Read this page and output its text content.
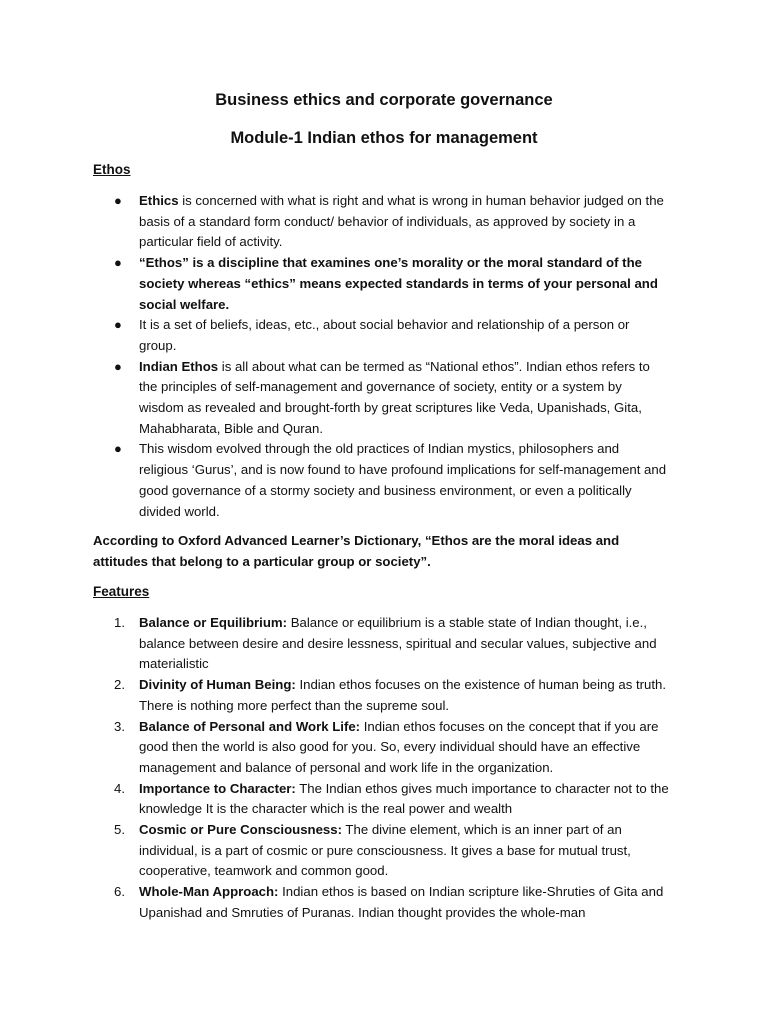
Business ethics and corporate governance
Module-1 Indian ethos for management
Ethos
● Ethics is concerned with what is right and what is wrong in human behavior judged on the basis of a standard form conduct/ behavior of individuals, as approved by society in a particular field of activity.
● “Ethos” is a discipline that examines one’s morality or the moral standard of the society whereas “ethics” means expected standards in terms of your personal and social welfare.
● It is a set of beliefs, ideas, etc., about social behavior and relationship of a person or group.
● Indian Ethos is all about what can be termed as “National ethos”. Indian ethos refers to the principles of self-management and governance of society, entity or a system by wisdom as revealed and brought-forth by great scriptures like Veda, Upanishads, Gita, Mahabharata, Bible and Quran.
● This wisdom evolved through the old practices of Indian mystics, philosophers and religious ‘Gurus’, and is now found to have profound implications for self-management and good governance of a stormy society and business environment, or even a politically divided world.

According to Oxford Advanced Learner’s Dictionary, “Ethos are the moral ideas and attitudes that belong to a particular group or society”.

Features
1. Balance or Equilibrium: Balance or equilibrium is a stable state of Indian thought, i.e., balance between desire and desire lessness, spiritual and secular values, subjective and materialistic
2. Divinity of Human Being: Indian ethos focuses on the existence of human being as truth. There is nothing more perfect than the supreme soul.
3. Balance of Personal and Work Life: Indian ethos focuses on the concept that if you are good then the world is also good for you. So, every individual should have an effective management and balance of personal and work life in the organization.
4. Importance to Character: The Indian ethos gives much importance to character not to the knowledge It is the character which is the real power and wealth
5. Cosmic or Pure Consciousness: The divine element, which is an inner part of an individual, is a part of cosmic or pure consciousness. It gives a base for mutual trust, cooperative, teamwork and common good.
6. Whole-Man Approach: Indian ethos is based on Indian scripture like-Shruties of Gita and Upanishad and Smruties of Puranas. Indian thought provides the whole-man
